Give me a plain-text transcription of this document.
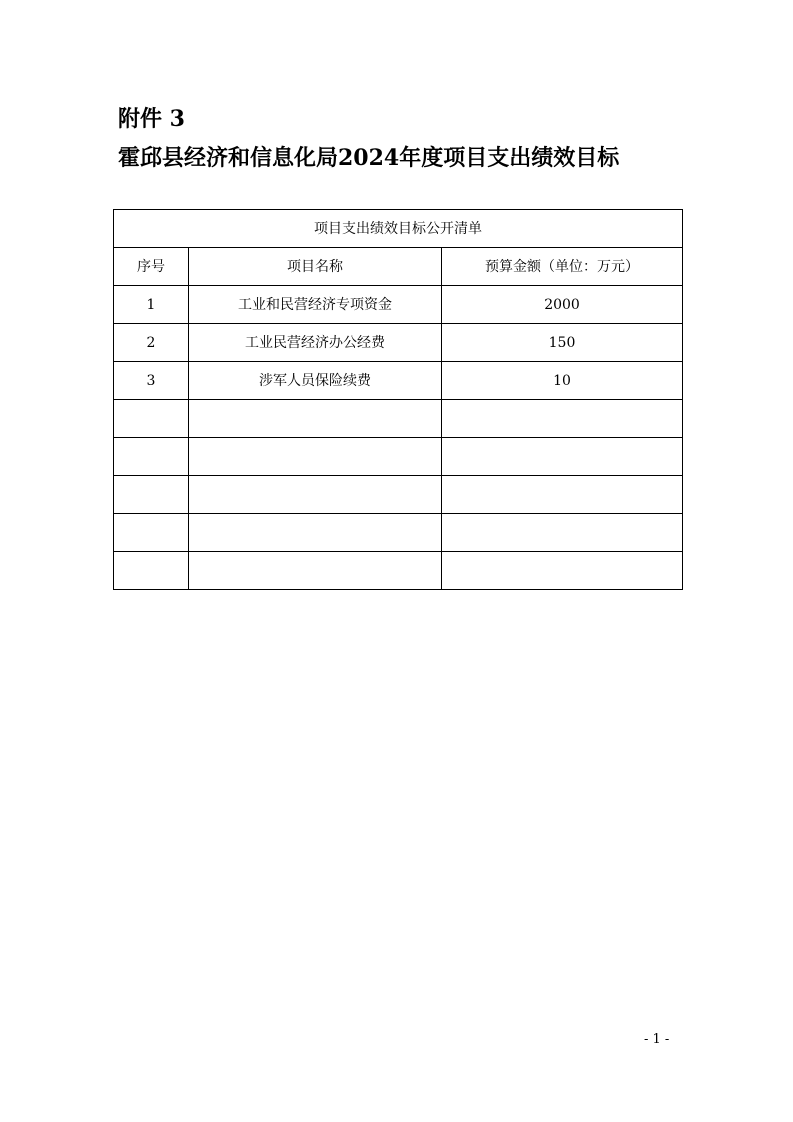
附件 3
霍邱县经济和信息化局2024年度项目支出绩效目标
项目支出绩效目标公开清单		
序号	项目名称	预算金额（单位：万元）
1	工业和民营经济专项资金	2000
2	工业民营经济办公经费	150
3	涉军人员保险续费	10

- 1 -
